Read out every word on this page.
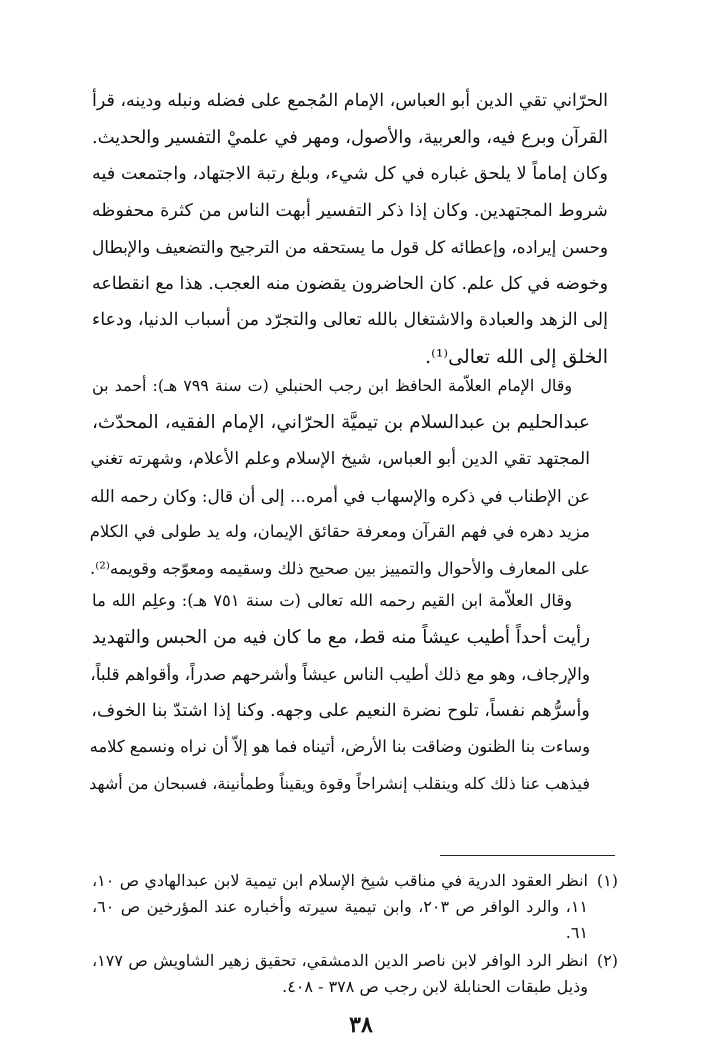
الحرّاني تقي الدين أبو العباس، الإمام المُجمع على فضله ونبله ودينه، قرأ
القرآن وبرع فيه، والعربية، والأصول، ومهر في علميْ التفسير والحديث.
وكان إماماً لا يلحق غباره في كل شيء، وبلغ رتبة الاجتهاد، واجتمعت فيه
شروط المجتهدين. وكان إذا ذكر التفسير أبهت الناس من كثرة محفوظه
وحسن إيراده، وإعطائه كل قول ما يستحقه من الترجيح والتضعيف والإبطال
وخوضه في كل علم. كان الحاضرون يقضون منه العجب. هذا مع انقطاعه
إلى الزهد والعبادة والاشتغال بالله تعالى والتجرّد من أسباب الدنيا، ودعاء
الخلق إلى الله تعالى⁽¹⁾.
وقال الإمام العلاّمة الحافظ ابن رجب الحنبلي (ت سنة ٧٩٩ هـ): أحمد بن
عبدالحليم بن عبدالسلام بن تيميَّة الحرّاني، الإمام الفقيه، المحدّث،
المجتهد تقي الدين أبو العباس، شيخ الإسلام وعلم الأعلام، وشهرته تغني
عن الإطناب في ذكره والإسهاب في أمره... إلى أن قال: وكان رحمه الله
مزيد دهره في فهم القرآن ومعرفة حقائق الإيمان، وله يد طولى في الكلام
على المعارف والأحوال والتمييز بين صحيح ذلك وسقيمه ومعوّجه وقويمه⁽²⁾.
وقال العلاّمة ابن القيم رحمه الله تعالى (ت سنة ٧٥١ هـ): وعلِم الله ما
رأيت أحداً أطيب عيشاً منه قط، مع ما كان فيه من الحبس والتهديد
والإرجاف، وهو مع ذلك أطيب الناس عيشاً وأشرحهم صدراً، وأقواهم قلباً،
وأسرُّهم نفساً، تلوح نضرة النعيم على وجهه. وكنا إذا اشتدّ بنا الخوف،
وساءت بنا الظنون وضاقت بنا الأرض، أتيناه فما هو إلاّ أن نراه ونسمع كلامه
فيذهب عنا ذلك كله وينقلب إنشراحاً وقوة ويقيناً وطمأنينة، فسبحان من أشهد
(١)
انظر العقود الدرية في مناقب شيخ الإسلام ابن تيمية لابن عبدالهادي ص ١٠، ١١، والرد الوافر ص ٢٠٣، وابن تيمية سيرته وأخباره عند المؤرخين ص ٦٠، ٦١.
(٢)
انظر الرد الوافر لابن ناصر الدين الدمشقي، تحقيق زهير الشاويش ص ١٧٧، وذيل طبقات الحنابلة لابن رجب ص ٣٧٨ - ٤٠٨.
٣٨
